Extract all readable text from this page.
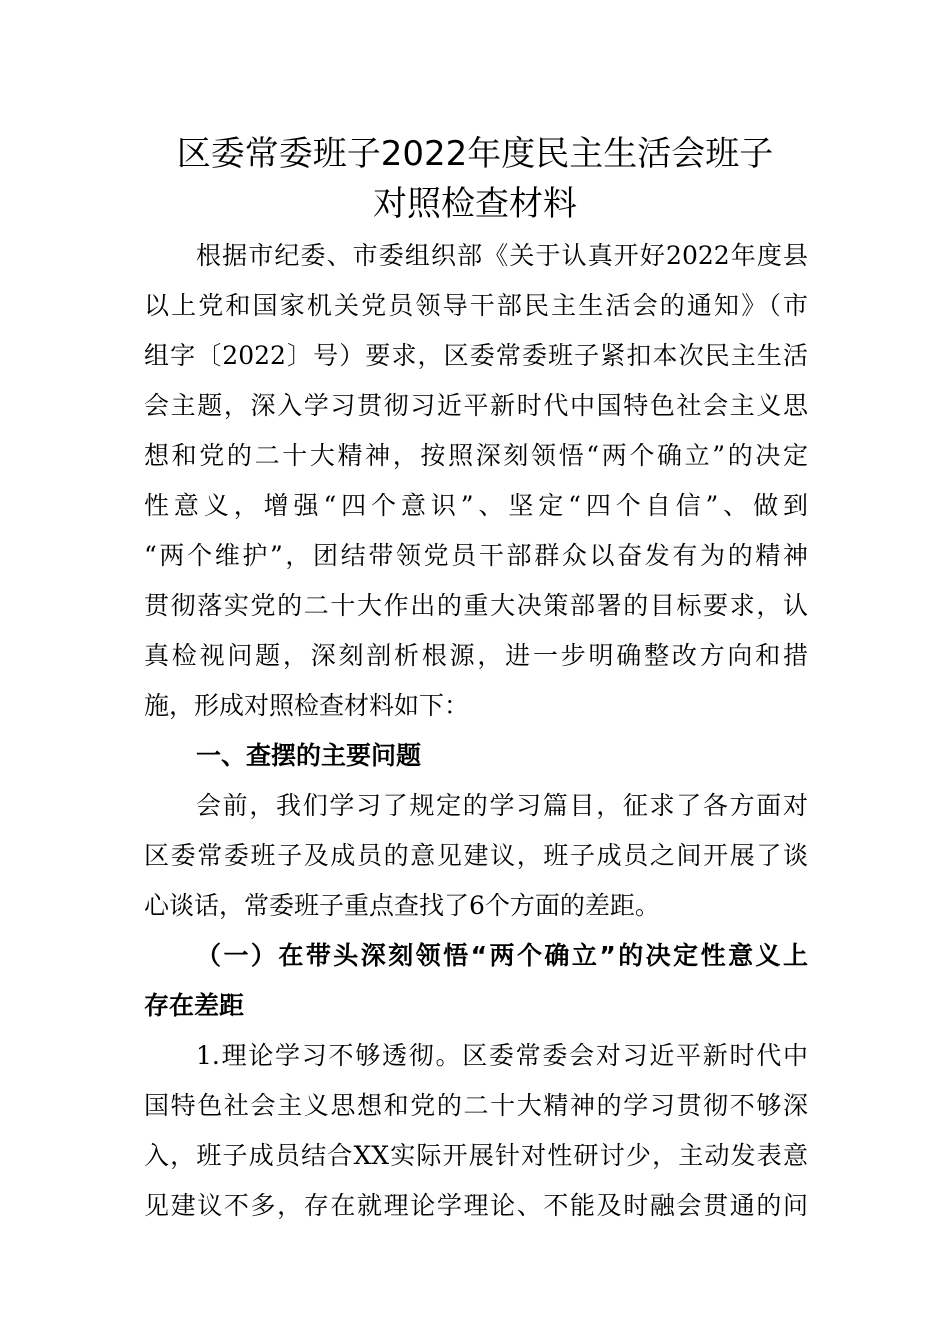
区委常委班子2022年度民主生活会班子
对照检查材料
根据市纪委、市委组织部《关于认真开好2022年度县
以上党和国家机关党员领导干部民主生活会的通知》（市
组字〔2022〕号）要求，区委常委班子紧扣本次民主生活
会主题，深入学习贯彻习近平新时代中国特色社会主义思
想和党的二十大精神，按照深刻领悟“两个确立”的决定
性意义，增强“四个意识”、坚定“四个自信”、做到
“两个维护”，团结带领党员干部群众以奋发有为的精神
贯彻落实党的二十大作出的重大决策部署的目标要求，认
真检视问题，深刻剖析根源，进一步明确整改方向和措
施，形成对照检查材料如下：
一、查摆的主要问题
会前，我们学习了规定的学习篇目，征求了各方面对
区委常委班子及成员的意见建议，班子成员之间开展了谈
心谈话，常委班子重点查找了6个方面的差距。
（一）在带头深刻领悟“两个确立”的决定性意义上
存在差距
1.理论学习不够透彻。区委常委会对习近平新时代中
国特色社会主义思想和党的二十大精神的学习贯彻不够深
入，班子成员结合XX实际开展针对性研讨少，主动发表意
见建议不多，存在就理论学理论、不能及时融会贯通的问
